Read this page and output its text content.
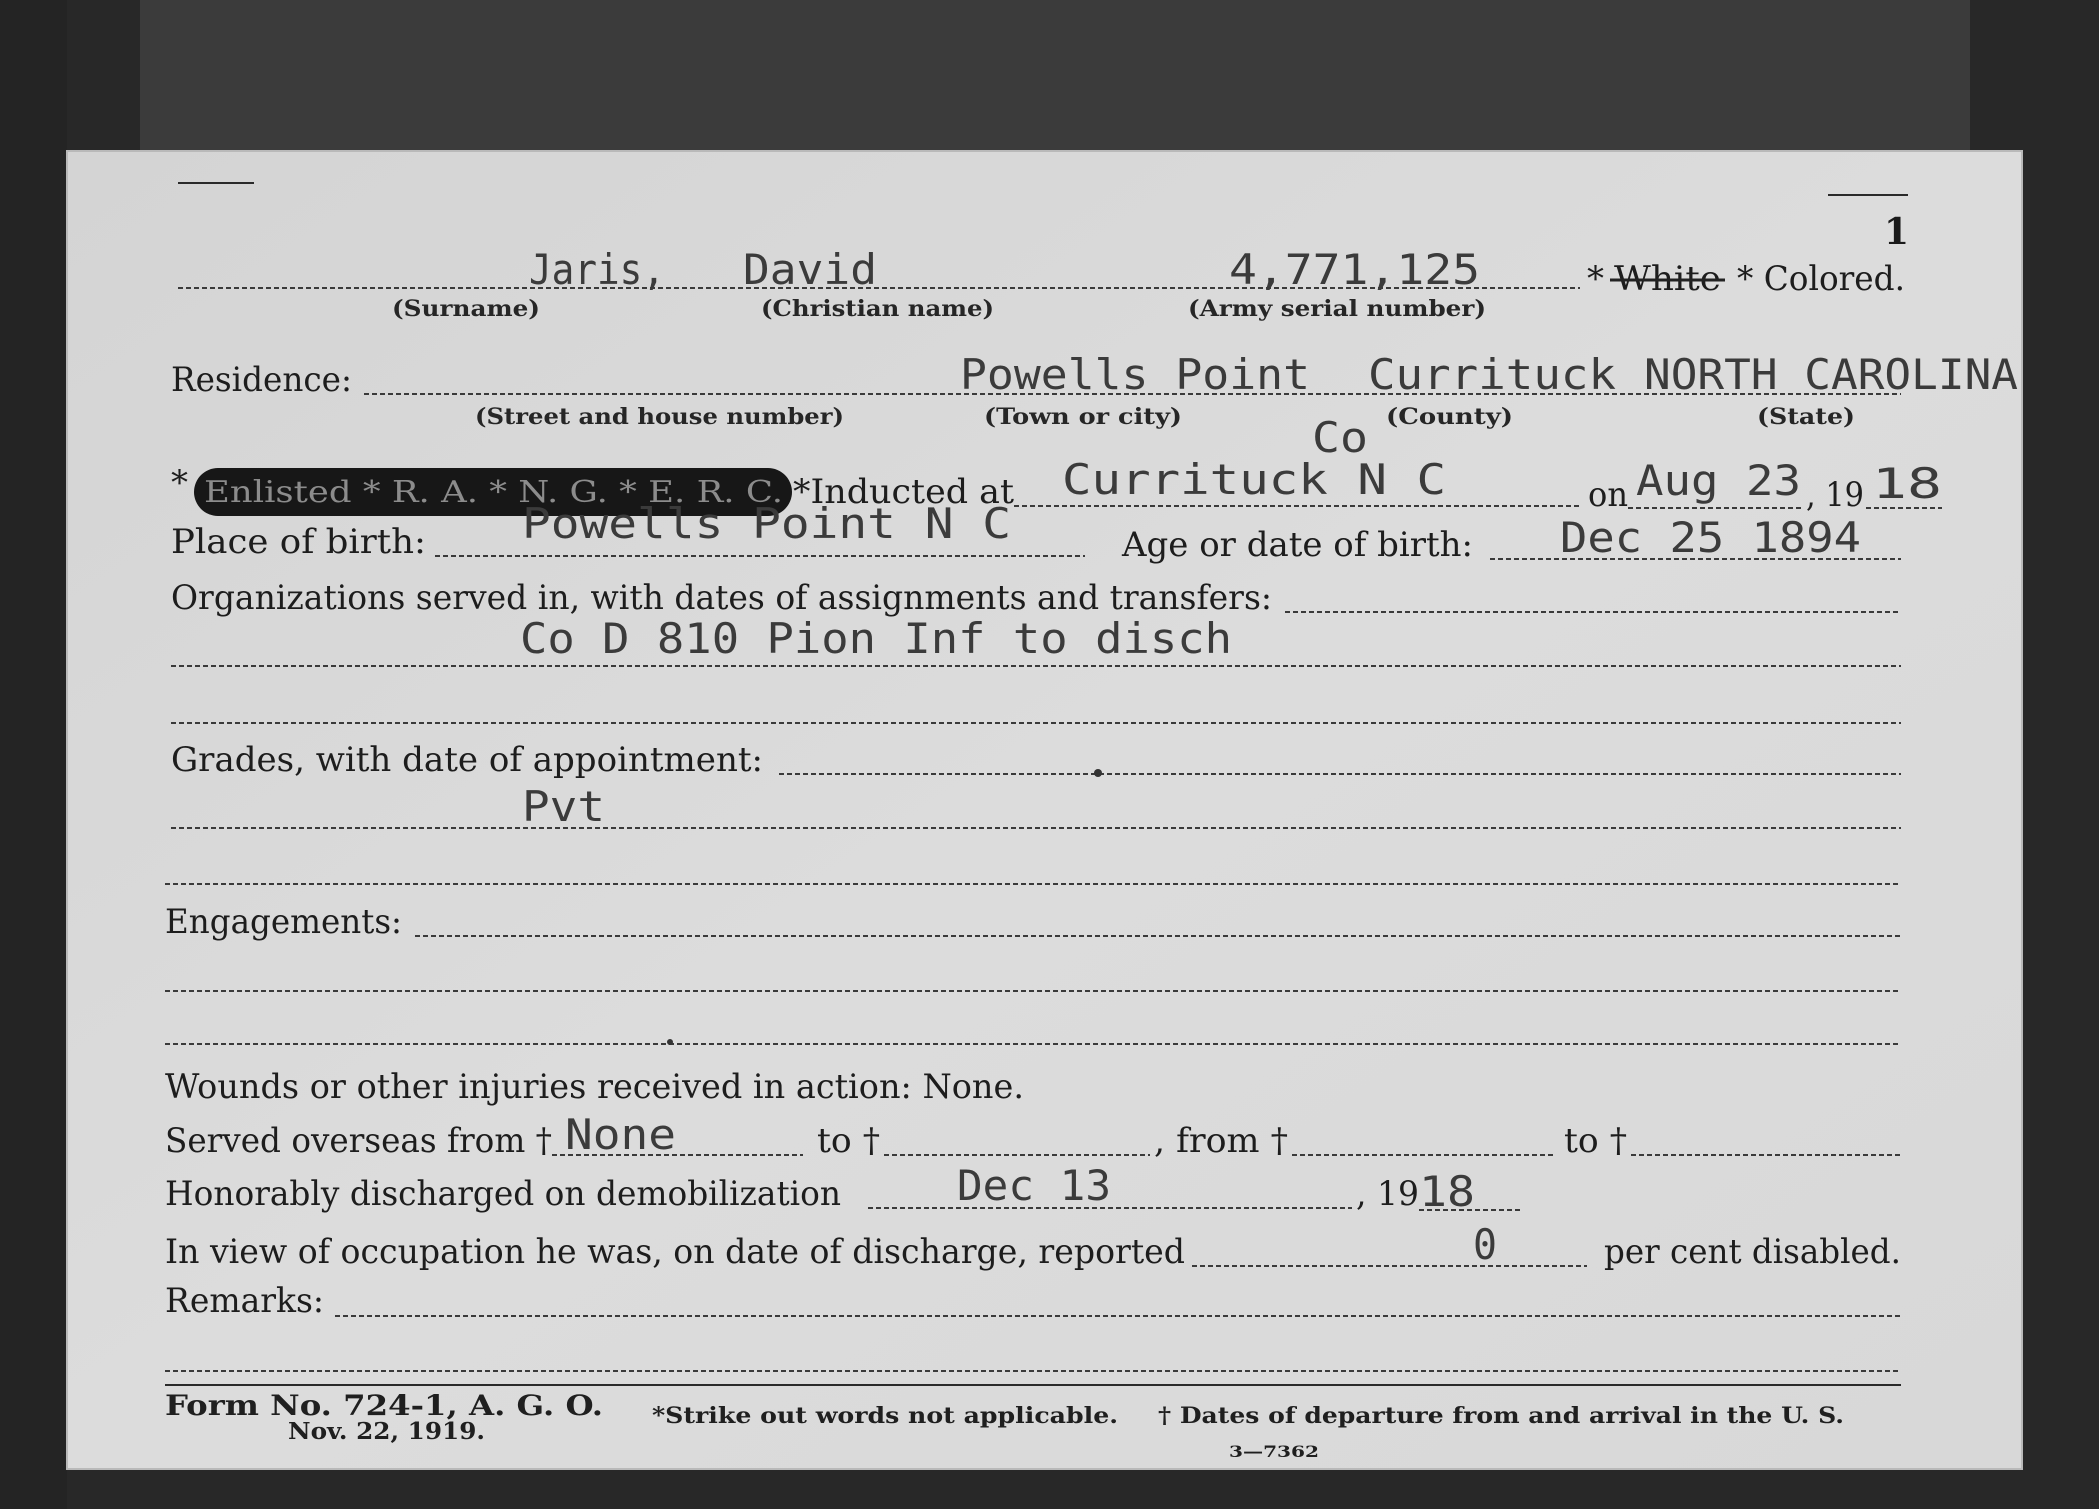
1
Jaris, David	4,771,125	* White * Colored.
(Surname)	(Christian name)	(Army serial number)
Residence:	Powells Point Currituck NORTH CAROLINA
(Street and house number)	(Town or city)	(County)	(State)
Co
* Enlisted * R. A. * N. G. * E. R. C. *Inducted at Currituck N C	on Aug 23 , 19 18
Place of birth: Powells Point N C	Age or date of birth: Dec 25 1894
Organizations served in, with dates of assignments and transfers:
Co D 810 Pion Inf to disch
Grades, with date of appointment:
Pvt
Engagements:
Wounds or other injuries received in action: None.
Served overseas from † None	to †	, from †	to †
Honorably discharged on demobilization	Dec 13	, 19 18
In view of occupation he was, on date of discharge, reported	0	per cent disabled.
Remarks:
Form No. 724-1, A. G. O.
Nov. 22, 1919.
*Strike out words not applicable. † Dates of departure from and arrival in the U. S.
3—7362
